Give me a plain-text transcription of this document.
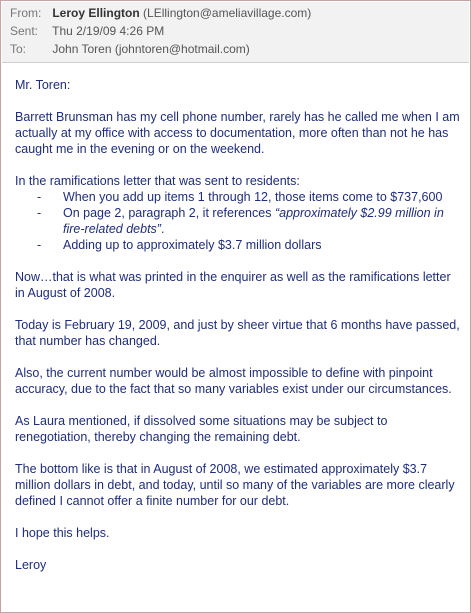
From: Leroy Ellington (LEllington@ameliavillage.com)
Sent: Thu 2/19/09 4:26 PM
To: John Toren (johntoren@hotmail.com)

Mr. Toren:

Barrett Brunsman has my cell phone number, rarely has he called me when I am actually at my office with access to documentation, more often than not he has caught me in the evening or on the weekend.

In the ramifications letter that was sent to residents:

- When you add up items 1 through 12, those items come to $737,600
- On page 2, paragraph 2, it references “approximately $2.99 million in fire-related debts”.
- Adding up to approximately $3.7 million dollars

Now…that is what was printed in the enquirer as well as the ramifications letter in August of 2008.

Today is February 19, 2009, and just by sheer virtue that 6 months have passed, that number has changed.

Also, the current number would be almost impossible to define with pinpoint accuracy, due to the fact that so many variables exist under our circumstances.

As Laura mentioned, if dissolved some situations may be subject to renegotiation, thereby changing the remaining debt.

The bottom like is that in August of 2008, we estimated approximately $3.7 million dollars in debt, and today, until so many of the variables are more clearly defined I cannot offer a finite number for our debt.

I hope this helps.

Leroy
